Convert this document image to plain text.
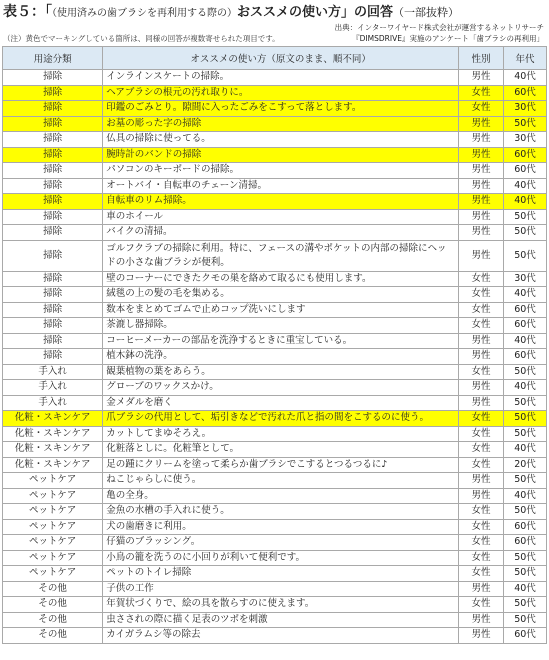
表５：「（使用済みの歯ブラシを再利用する際の）おススメの使い方」の回答（一部抜粋）
出典：インターワイヤード株式会社が運営するネットリサーチ
『DIMSDRIVE』実施のアンケート「歯ブラシの再利用」
（注）黄色でマーキングしている箇所は、同様の回答が複数寄せられた項目です。
用途分類	オススメの使い方（原文のまま、順不同）	性別	年代
掃除	インラインスケートの掃除。	男性	40代
掃除	ヘアブラシの根元の汚れ取りに。	女性	60代
掃除	印鑑のごみとり。隙間に入ったごみをこすって落とします。	女性	30代
掃除	お墓の彫った字の掃除	男性	50代
掃除	仏具の掃除に使ってる。	男性	30代
掃除	腕時計のバンドの掃除	男性	60代
掃除	パソコンのキーボードの掃除。	男性	60代
掃除	オートバイ・自転車のチェーン清掃。	男性	40代
掃除	自転車のリム掃除。	男性	40代
掃除	車のホイール	男性	50代
掃除	バイクの清掃。	男性	50代
掃除	ゴルフクラブの掃除に利用。特に、フェースの溝やポケットの内部の掃除にヘッドの小さな歯ブラシが便利。	男性	50代
掃除	壁のコーナーにできたクモの巣を絡めて取るにも使用します。	女性	30代
掃除	絨毯の上の髪の毛を集める。	女性	40代
掃除	数本をまとめてゴムで止めコップ洗いにします	女性	60代
掃除	茶漉し器掃除。	女性	60代
掃除	コーヒーメーカーの部品を洗浄するときに重宝している。	男性	40代
掃除	植木鉢の洗浄。	男性	60代
手入れ	観葉植物の葉をあらう。	女性	50代
手入れ	グローブのワックスかけ。	男性	40代
手入れ	金メダルを磨く	男性	50代
化粧・スキンケア	爪ブラシの代用として、垢引きなどで汚れた爪と指の間をこするのに使う。	女性	50代
化粧・スキンケア	カットしてまゆそろえ。	女性	50代
化粧・スキンケア	化粧落としに。化粧筆として。	女性	40代
化粧・スキンケア	足の踵にクリームを塗って柔らか歯ブラシでこするとつるつるに♪	女性	20代
ペットケア	ねこじゃらしに使う。	男性	50代
ペットケア	亀の全身。	男性	40代
ペットケア	金魚の水槽の手入れに使う。	女性	50代
ペットケア	犬の歯磨きに利用。	女性	60代
ペットケア	仔猫のブラッシング。	女性	60代
ペットケア	小鳥の籠を洗うのに小回りが利いて便利です。	女性	50代
ペットケア	ペットのトイレ掃除	女性	50代
その他	子供の工作	男性	40代
その他	年賀状づくりで、絵の具を散らすのに使えます。	女性	50代
その他	虫さされの際に描く足表のツボを刺激	男性	50代
その他	カイガラムシ等の除去	男性	60代
